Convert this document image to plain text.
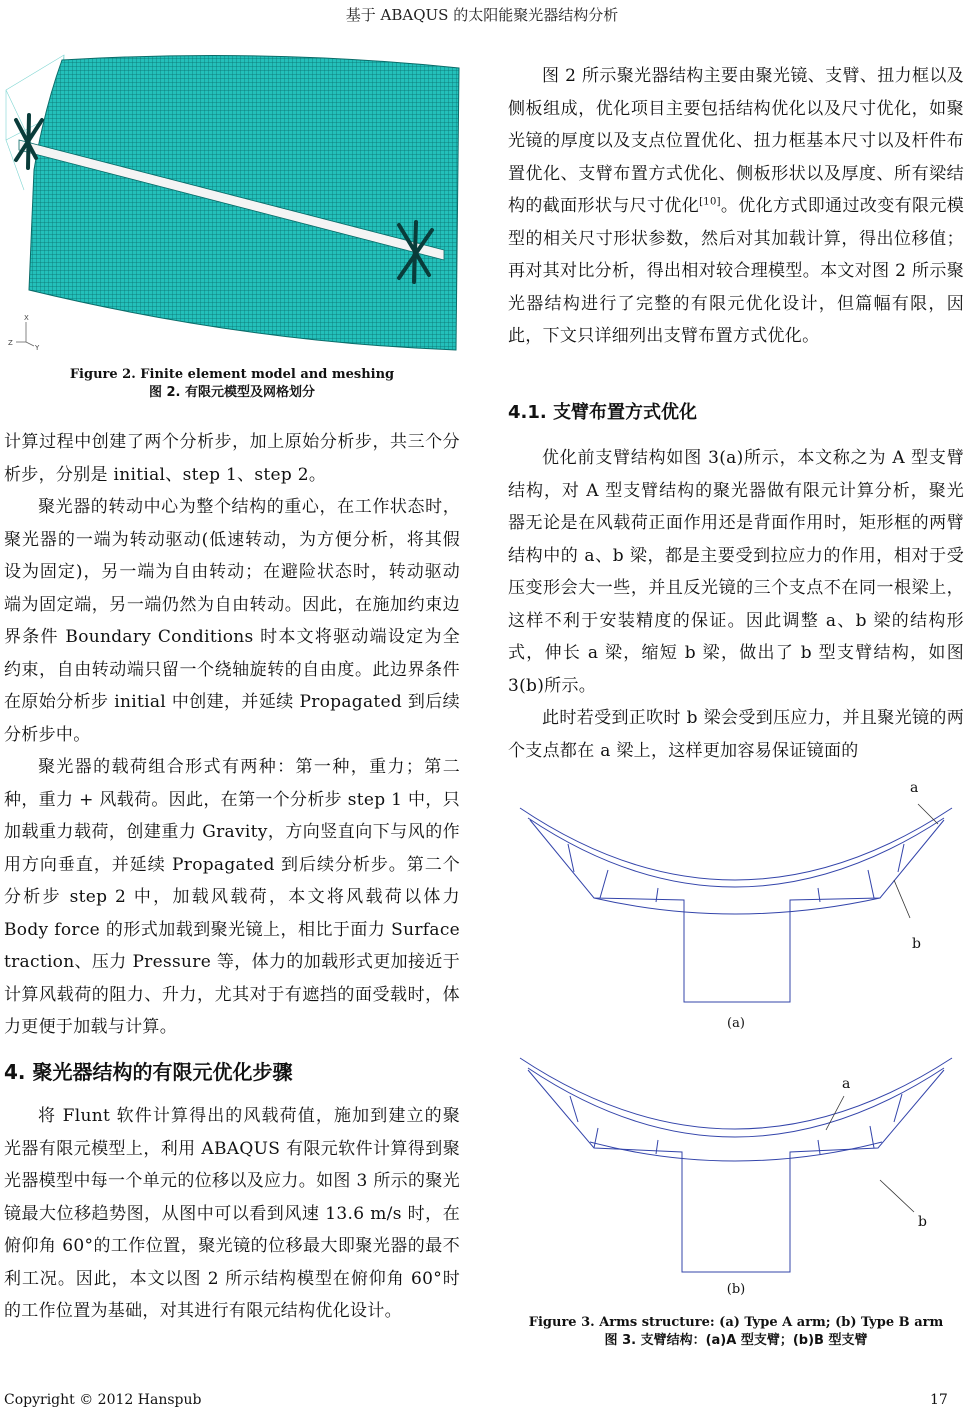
基于 ABAQUS 的太阳能聚光器结构分析
X
Z
Y
Figure 2. Finite element model and meshing
图 2. 有限元模型及网格划分

计算过程中创建了两个分析步，加上原始分析步，共三个分析步，分别是 initial、step 1、step 2。

聚光器的转动中心为整个结构的重心，在工作状态时，聚光器的一端为转动驱动(低速转动，为方便分析，将其假设为固定)，另一端为自由转动；在避险状态时，转动驱动端为固定端，另一端仍然为自由转动。因此，在施加约束边界条件 Boundary Conditions 时本文将驱动端设定为全约束，自由转动端只留一个绕轴旋转的自由度。此边界条件在原始分析步 initial 中创建，并延续 Propagated 到后续分析步中。

聚光器的载荷组合形式有两种：第一种，重力；第二种，重力 + 风载荷。因此，在第一个分析步 step 1 中，只加载重力载荷，创建重力 Gravity，方向竖直向下与风的作用方向垂直，并延续 Propagated 到后续分析步。第二个分析步 step 2 中，加载风载荷，本文将风载荷以体力 Body force 的形式加载到聚光镜上，相比于面力 Surface traction、压力 Pressure 等，体力的加载形式更加接近于计算风载荷的阻力、升力，尤其对于有遮挡的面受载时，体力更便于加载与计算。

4. 聚光器结构的有限元优化步骤

将 Flunt 软件计算得出的风载荷值，施加到建立的聚光器有限元模型上，利用 ABAQUS 有限元软件计算得到聚光器模型中每一个单元的位移以及应力。如图 3 所示的聚光镜最大位移趋势图，从图中可以看到风速 13.6 m/s 时，在俯仰角 60°的工作位置，聚光镜的位移最大即聚光器的最不利工况。因此，本文以图 2 所示结构模型在俯仰角 60°时的工作位置为基础，对其进行有限元结构优化设计。

图 2 所示聚光器结构主要由聚光镜、支臂、扭力框以及侧板组成，优化项目主要包括结构优化以及尺寸优化，如聚光镜的厚度以及支点位置优化、扭力框基本尺寸以及杆件布置优化、支臂布置方式优化、侧板形状以及厚度、所有梁结构的截面形状与尺寸优化[10]。优化方式即通过改变有限元模型的相关尺寸形状参数，然后对其加载计算，得出位移值；再对其对比分析，得出相对较合理模型。本文对图 2 所示聚光器结构进行了完整的有限元优化设计，但篇幅有限，因此，下文只详细列出支臂布置方式优化。

4.1. 支臂布置方式优化

优化前支臂结构如图 3(a)所示，本文称之为 A 型支臂结构，对 A 型支臂结构的聚光器做有限元计算分析，聚光器无论是在风载荷正面作用还是背面作用时，矩形框的两臂结构中的 a、b 梁，都是主要受到拉应力的作用，相对于受压变形会大一些，并且反光镜的三个支点不在同一根梁上，这样不利于安装精度的保证。因此调整 a、b 梁的结构形式，伸长 a 梁，缩短 b 梁，做出了 b 型支臂结构，如图 3(b)所示。

此时若受到正吹时 b 梁会受到压应力，并且聚光镜的两个支点都在 a 梁上，这样更加容易保证镜面的

a
b
(a)
a
b
(b)
Figure 3. Arms structure: (a) Type A arm; (b) Type B arm
图 3. 支臂结构：(a)A 型支臂；(b)B 型支臂
Copyright © 2012 Hanspub	17
